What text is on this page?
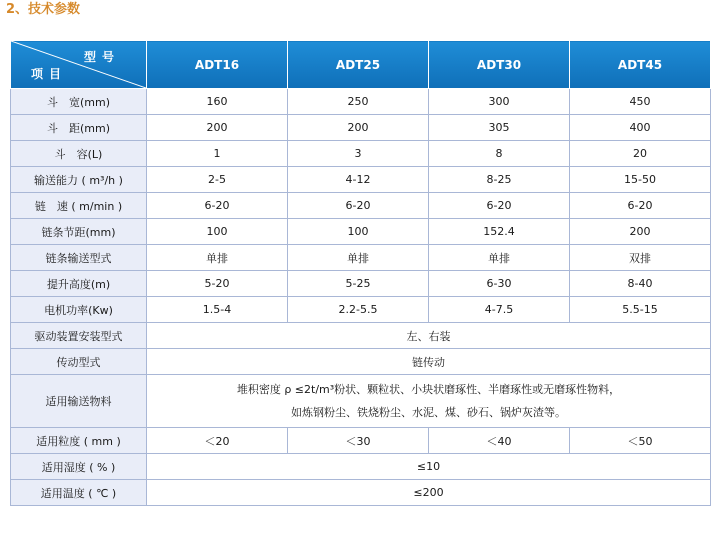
2、技术参数
型号
项目	ADT16	ADT25	ADT30	ADT45
斗　宽(mm)	160	250	300	450
斗　距(mm)	200	200	305	400
斗　容(L)	1	3	8	20
输送能力 ( m³/h )	2-5	4-12	8-25	15-50
链　速 ( m/min )	6-20	6-20	6-20	6-20
链条节距(mm)	100	100	152.4	200
链条输送型式	单排	单排	单排	双排
提升高度(m)	5-20	5-25	6-30	8-40
电机功率(Kw)	1.5-4	2.2-5.5	4-7.5	5.5-15
驱动装置安装型式	左、右装			
传动型式	链传动			
适用输送物料	堆积密度 ρ ≤2t/m³粉状、颗粒状、小块状磨琢性、半磨琢性或无磨琢性物料，
如炼钢粉尘、铁烧粉尘、水泥、煤、砂石、锅炉灰渣等。			

适用粒度 ( mm )	＜20	＜30	＜40	＜50
适用湿度 ( % )	≤10			
适用温度 ( ℃ )	≤200			
